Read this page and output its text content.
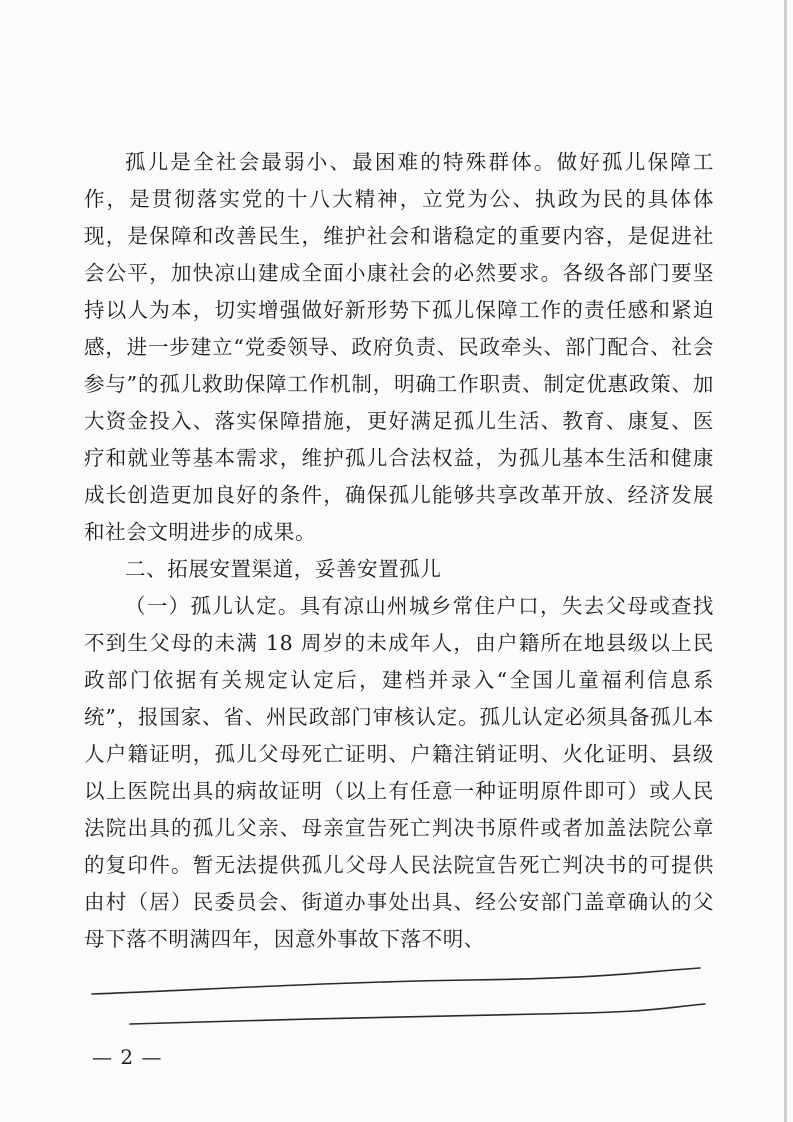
孤儿是全社会最弱小、最困难的特殊群体。做好孤儿保障工作，是贯彻落实党的十八大精神，立党为公、执政为民的具体体现，是保障和改善民生，维护社会和谐稳定的重要内容，是促进社会公平，加快凉山建成全面小康社会的必然要求。各级各部门要坚持以人为本，切实增强做好新形势下孤儿保障工作的责任感和紧迫感，进一步建立“党委领导、政府负责、民政牵头、部门配合、社会参与”的孤儿救助保障工作机制，明确工作职责、制定优惠政策、加大资金投入、落实保障措施，更好满足孤儿生活、教育、康复、医疗和就业等基本需求，维护孤儿合法权益，为孤儿基本生活和健康成长创造更加良好的条件，确保孤儿能够共享改革开放、经济发展和社会文明进步的成果。

二、拓展安置渠道，妥善安置孤儿

（一）孤儿认定。具有凉山州城乡常住户口，失去父母或查找不到生父母的未满 18 周岁的未成年人，由户籍所在地县级以上民政部门依据有关规定认定后，建档并录入“全国儿童福利信息系统”，报国家、省、州民政部门审核认定。孤儿认定必须具备孤儿本人户籍证明，孤儿父母死亡证明、户籍注销证明、火化证明、县级以上医院出具的病故证明（以上有任意一种证明原件即可）或人民法院出具的孤儿父亲、母亲宣告死亡判决书原件或者加盖法院公章的复印件。暂无法提供孤儿父母人民法院宣告死亡判决书的可提供由村（居）民委员会、街道办事处出具、经公安部门盖章确认的父母下落不明满四年，因意外事故下落不明、

— 2 —
